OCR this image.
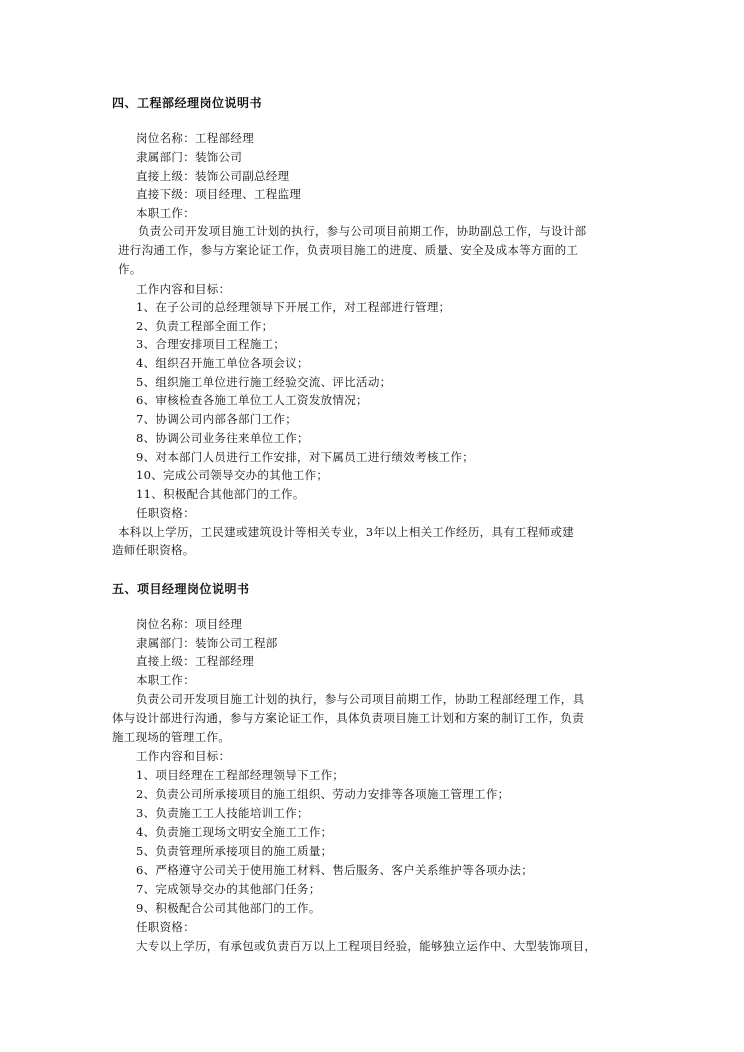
四、工程部经理岗位说明书
岗位名称：工程部经理
隶属部门：装饰公司
直接上级：装饰公司副总经理
直接下级：项目经理、工程监理
本职工作：
负责公司开发项目施工计划的执行，参与公司项目前期工作，协助副总工作，与设计部
进行沟通工作，参与方案论证工作，负责项目施工的进度、质量、安全及成本等方面的工
作。
工作内容和目标：
1、在子公司的总经理领导下开展工作，对工程部进行管理；
2、负责工程部全面工作；
3、合理安排项目工程施工；
4、组织召开施工单位各项会议；
5、组织施工单位进行施工经验交流、评比活动；
6、审核检查各施工单位工人工资发放情况；
7、协调公司内部各部门工作；
8、协调公司业务往来单位工作；
9、对本部门人员进行工作安排，对下属员工进行绩效考核工作；
10、完成公司领导交办的其他工作；
11、积极配合其他部门的工作。
任职资格：
本科以上学历，工民建或建筑设计等相关专业，3年以上相关工作经历，具有工程师或建
造师任职资格。
五、项目经理岗位说明书
岗位名称：项目经理
隶属部门：装饰公司工程部
直接上级：工程部经理
本职工作：
负责公司开发项目施工计划的执行，参与公司项目前期工作，协助工程部经理工作，具
体与设计部进行沟通，参与方案论证工作，具体负责项目施工计划和方案的制订工作，负责
施工现场的管理工作。
工作内容和目标：
1、项目经理在工程部经理领导下工作；
2、负责公司所承接项目的施工组织、劳动力安排等各项施工管理工作；
3、负责施工工人技能培训工作；
4、负责施工现场文明安全施工工作；
5、负责管理所承接项目的施工质量；
6、严格遵守公司关于使用施工材料、售后服务、客户关系维护等各项办法；
7、完成领导交办的其他部门任务；
9、积极配合公司其他部门的工作。
任职资格：
大专以上学历，有承包或负责百万以上工程项目经验，能够独立运作中、大型装饰项目，
